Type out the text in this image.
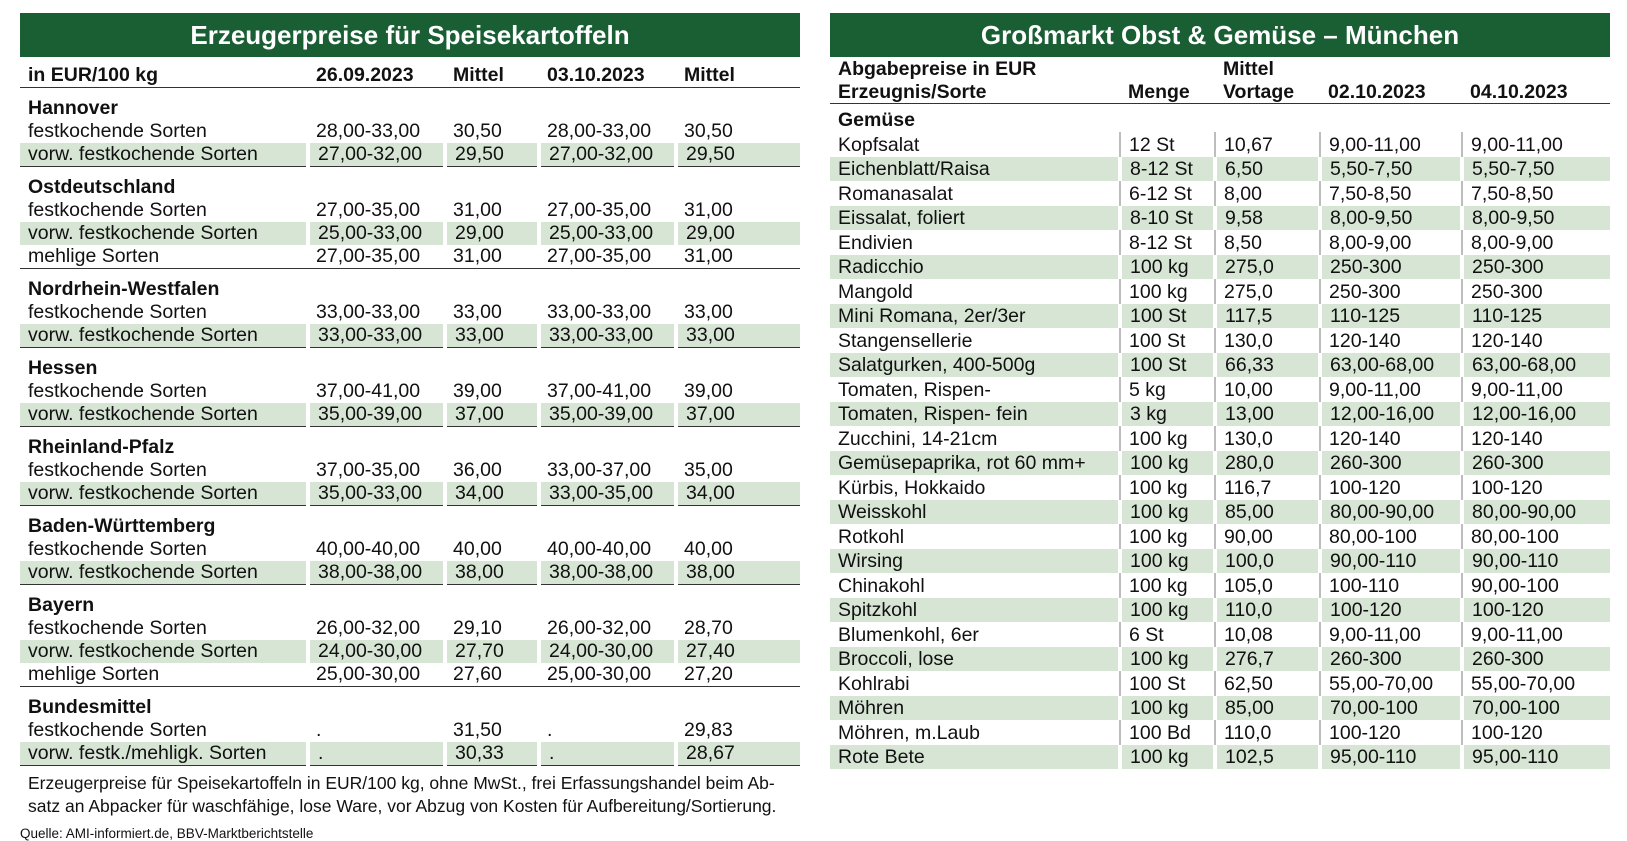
Erzeugerpreise für Speisekartoffeln
in EUR/100 kg	26.09.2023	Mittel	03.10.2023	Mittel
Hannover				
festkochende Sorten	28,00-33,00	30,50	28,00-33,00	30,50
vorw. festkochende Sorten	27,00-32,00	29,50	27,00-32,00	29,50
Ostdeutschland				
festkochende Sorten	27,00-35,00	31,00	27,00-35,00	31,00
vorw. festkochende Sorten	25,00-33,00	29,00	25,00-33,00	29,00
mehlige Sorten	27,00-35,00	31,00	27,00-35,00	31,00
Nordrhein-Westfalen				
festkochende Sorten	33,00-33,00	33,00	33,00-33,00	33,00
vorw. festkochende Sorten	33,00-33,00	33,00	33,00-33,00	33,00
Hessen				
festkochende Sorten	37,00-41,00	39,00	37,00-41,00	39,00
vorw. festkochende Sorten	35,00-39,00	37,00	35,00-39,00	37,00
Rheinland-Pfalz				
festkochende Sorten	37,00-35,00	36,00	33,00-37,00	35,00
vorw. festkochende Sorten	35,00-33,00	34,00	33,00-35,00	34,00
Baden-Württemberg				
festkochende Sorten	40,00-40,00	40,00	40,00-40,00	40,00
vorw. festkochende Sorten	38,00-38,00	38,00	38,00-38,00	38,00
Bayern				
festkochende Sorten	26,00-32,00	29,10	26,00-32,00	28,70
vorw. festkochende Sorten	24,00-30,00	27,70	24,00-30,00	27,40
mehlige Sorten	25,00-30,00	27,60	25,00-30,00	27,20
Bundesmittel				
festkochende Sorten	.	31,50	.	29,83
vorw. festk./mehligk. Sorten	.	30,33	.	28,67
Erzeugerpreise für Speisekartoffeln in EUR/100 kg, ohne MwSt., frei Erfassungshandel beim Ab-
satz an Abpacker für waschfähige, lose Ware, vor Abzug von Kosten für Aufbereitung/Sortierung.
Quelle: AMI-informiert.de, BBV-Marktberichtstelle
Großmarkt Obst & Gemüse – München
Abgabepreise in EUR		Mittel		
Erzeugnis/Sorte	Menge	Vortage	02.10.2023	04.10.2023
Gemüse				
Kopfsalat	12 St	10,67	9,00-11,00	9,00-11,00
Eichenblatt/Raisa	8-12 St	6,50	5,50-7,50	5,50-7,50
Romanasalat	6-12 St	8,00	7,50-8,50	7,50-8,50
Eissalat, foliert	8-10 St	9,58	8,00-9,50	8,00-9,50
Endivien	8-12 St	8,50	8,00-9,00	8,00-9,00
Radicchio	100 kg	275,0	250-300	250-300
Mangold	100 kg	275,0	250-300	250-300
Mini Romana, 2er/3er	100 St	117,5	110-125	110-125
Stangensellerie	100 St	130,0	120-140	120-140
Salatgurken, 400-500g	100 St	66,33	63,00-68,00	63,00-68,00
Tomaten, Rispen-	5 kg	10,00	9,00-11,00	9,00-11,00
Tomaten, Rispen- fein	3 kg	13,00	12,00-16,00	12,00-16,00
Zucchini, 14-21cm	100 kg	130,0	120-140	120-140
Gemüsepaprika, rot 60 mm+	100 kg	280,0	260-300	260-300
Kürbis, Hokkaido	100 kg	116,7	100-120	100-120
Weisskohl	100 kg	85,00	80,00-90,00	80,00-90,00
Rotkohl	100 kg	90,00	80,00-100	80,00-100
Wirsing	100 kg	100,0	90,00-110	90,00-110
Chinakohl	100 kg	105,0	100-110	90,00-100
Spitzkohl	100 kg	110,0	100-120	100-120
Blumenkohl, 6er	6 St	10,08	9,00-11,00	9,00-11,00
Broccoli, lose	100 kg	276,7	260-300	260-300
Kohlrabi	100 St	62,50	55,00-70,00	55,00-70,00
Möhren	100 kg	85,00	70,00-100	70,00-100
Möhren, m.Laub	100 Bd	110,0	100-120	100-120
Rote Bete	100 kg	102,5	95,00-110	95,00-110
